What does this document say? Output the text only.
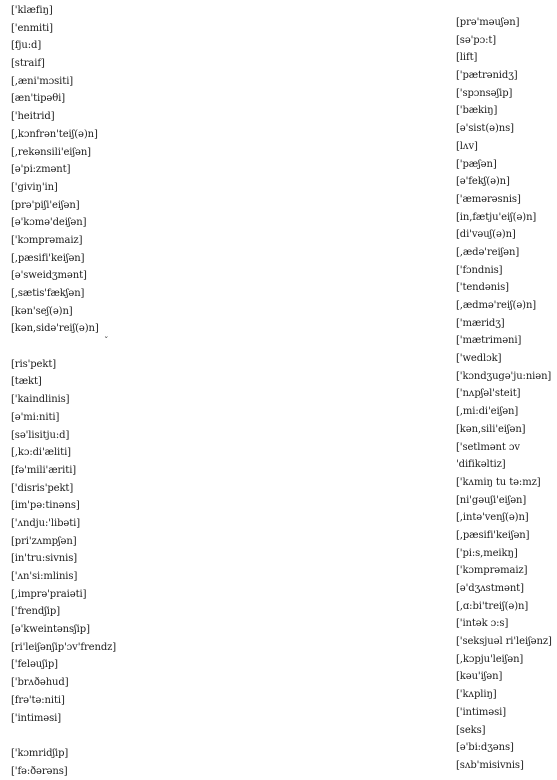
['klæfiŋ]
['enmiti]
[fju:d]
[straif]
[,æni'mɔsiti]
[æn'tipəθi]
['heitrid]
[,kɔnfrən'teiʃ(ə)n]
[,rekənsili'eiʃən]
[ə'pi:zmənt]
['giviŋ'in]
[prə'piʃi'eiʃən]
[ə'kɔmə'deiʃən]
['kɔmprəmaiz]
[,pæsifi'keiʃən]
[ə'sweidʒmənt]
[,sætis'fækʃən]
[kən'seʃ(ə)n]
[kən,sidə'reiʃ(ə)n]
[ris'pekt]
[tækt]
['kaindlinis]
[ə'mi:niti]
[sə'lisitju:d]
[,kɔ:di'æliti]
[fə'mili'æriti]
['disris'pekt]
[im'pə:tinəns]
['ʌndju:'libəti]
[pri'zʌmpʃən]
[in'tru:sivnis]
['ʌn'si:mlinis]
[,imprə'praiəti]
['frendʃip]
[ə'kweintənsʃip]
[ri'leiʃənʃip'ɔv'frendz]
['feləuʃip]
['brʌðəhud]
[frə'tə:niti]
['intiməsi]
['kɔmridʃip]
['fə:ðərəns]
ˇ
[prə'məuʃən]
[sə'pɔ:t]
[lift]
['pætrənidʒ]
['spɔnsəʃip]
['bækiŋ]
[ə'sist(ə)ns]
[lʌv]
['pæʃən]
[ə'fekʃ(ə)n]
['æmərəsnis]
[in,fætju'eiʃ(ə)n]
[di'vəuʃ(ə)n]
[,ædə'reiʃən]
['fɔndnis]
['tendənis]
[,ædmə'reiʃ(ə)n]
['mæridʒ]
['mætriməni]
['wedlɔk]
['kɔndʒugə'ju:niən]
['nʌpʃəl'steit]
[,mi:di'eiʃən]
[kən,sili'eiʃən]
['setlmənt ɔv
'difikəltiz]
['kʌmiŋ tu tə:mz]
[ni'gəuʃi'eiʃən]
[,intə'venʃ(ə)n]
[,pæsifi'keiʃən]
['pi:s,meikŋ]
['kɔmprəmaiz]
[ə'dʒʌstmənt]
[,ɑ:bi'treiʃ(ə)n]
['intək ɔ:s]
['seksjuəl ri'leiʃənz]
[,kɔpju'leiʃən]
[kəu'iʃən]
['kʌpliŋ]
['intiməsi]
[seks]
[ə'bi:dʒəns]
[sʌb'misivnis]
